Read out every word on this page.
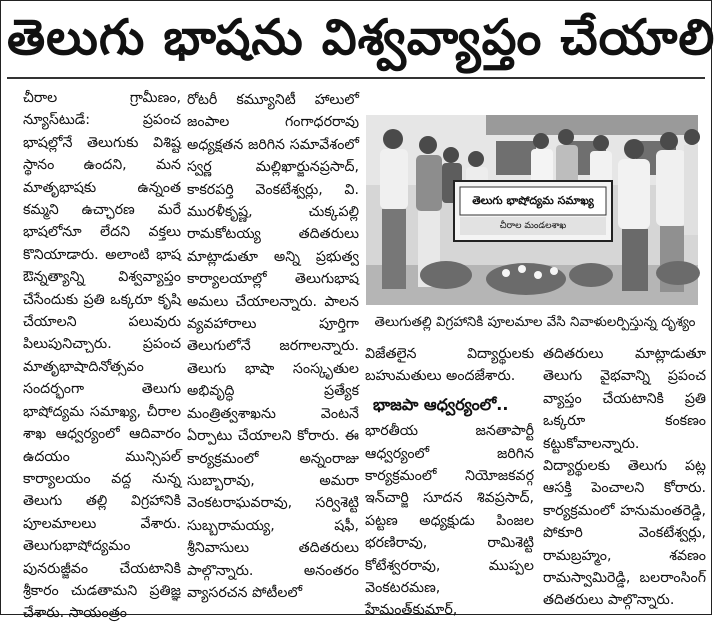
తెలుగు భాషను విశ్వవ్యాప్తం చేయాలి

చీరాల గ్రామీణం, న్యూస్‌టుడే: ప్రపంచ భాషల్లోనే తెలుగుకు విశిష్ట స్థానం ఉందని, మన మాతృభాషకు ఉన్నంత కమ్మని ఉచ్ఛారణ మరే భాషలోనూ లేదని వక్తలు కొనియాడారు. అలాంటి భాష ఔన్నత్యాన్ని విశ్వవ్యాప్తం చేసేందుకు ప్రతి ఒక్కరూ కృషి చేయాలని పలువురు పిలుపునిచ్చారు. ప్రపంచ మాతృభాషాదినోత్సవం సందర్భంగా తెలుగు భాషోద్యమ సమాఖ్య, చీరాల శాఖ ఆధ్వర్యంలో ఆదివారం ఉదయం మున్సిపల్ కార్యాలయం వద్ద నున్న తెలుగు తల్లి విగ్రహానికి పూలమాలలు వేశారు. తెలుగుభాషోద్యమం పునరుజ్జీవం చేయటానికి శ్రీకారం చుడతామని ప్రతిజ్ఞ చేశారు. సాయంత్రం

రోటరీ కమ్యూనిటీ హాలులో జంపాల గంగాధరరావు అధ్యక్షతన జరిగిన సమావేశంలో స్వర్ణ మల్లిఖార్జునప్రసాద్, కాకరపర్తి వెంకటేశ్వర్లు, వి. మురళీకృష్ణ, చుక్కపల్లి రామకోటయ్య తదితరులు మాట్లాడుతూ అన్ని ప్రభుత్వ కార్యాలయాల్లో తెలుగుభాష అమలు చేయాలన్నారు. పాలన వ్యవహారాలు పూర్తిగా తెలుగులోనే జరగాలన్నారు. తెలుగు భాషా సంస్కృతుల అభివృద్ధి ప్రత్యేక మంత్రిత్వశాఖను వెంటనే ఏర్పాటు చేయాలని కోరారు. ఈ కార్యక్రమంలో అన్నంరాజు సుబ్బారావు, అమరా వెంకటరాఘవరావు, సర్విశెట్టి సుబ్బరామయ్య, షఫీ, శ్రీనివాసులు తదితరులు పాల్గొన్నారు. అనంతరం వ్యాసరచన పోటీలలో

తెలుగు భాషోద్యమ సమాఖ్య
చీరాల మండలశాఖ

తెలుగుతల్లి విగ్రహానికి పూలమాల వేసి నివాళులర్పిస్తున్న దృశ్యం

విజేతలైన విద్యార్థులకు బహుమతులు అందజేశారు.

భాజపా ఆధ్వర్యంలో..

భారతీయ జనతాపార్టీ ఆధ్వర్యంలో జరిగిన కార్యక్రమంలో నియోజకవర్గ ఇన్‌చార్జి సూదన శివప్రసాద్, పట్టణ అధ్యక్షుడు పింజల భరణిరావు, రామిశెట్టి కోటేశ్వరరావు, ముప్పల వెంకటరమణ, హేమంత్‌కుమార్,

తదితరులు మాట్లాడుతూ తెలుగు వైభవాన్ని ప్రపంచ వ్యాప్తం చేయటానికి ప్రతి ఒక్కరూ కంకణం కట్టుకోవాలన్నారు. విద్యార్థులకు తెలుగు పట్ల ఆసక్తి పెంచాలని కోరారు. కార్యక్రమంలో హనుమంతరెడ్డి, పోకూరి వెంకటేశ్వర్లు, రామబ్రహ్మం, శవణం రామస్వామిరెడ్డి, బలరాంసింగ్ తదితరులు పాల్గొన్నారు.
